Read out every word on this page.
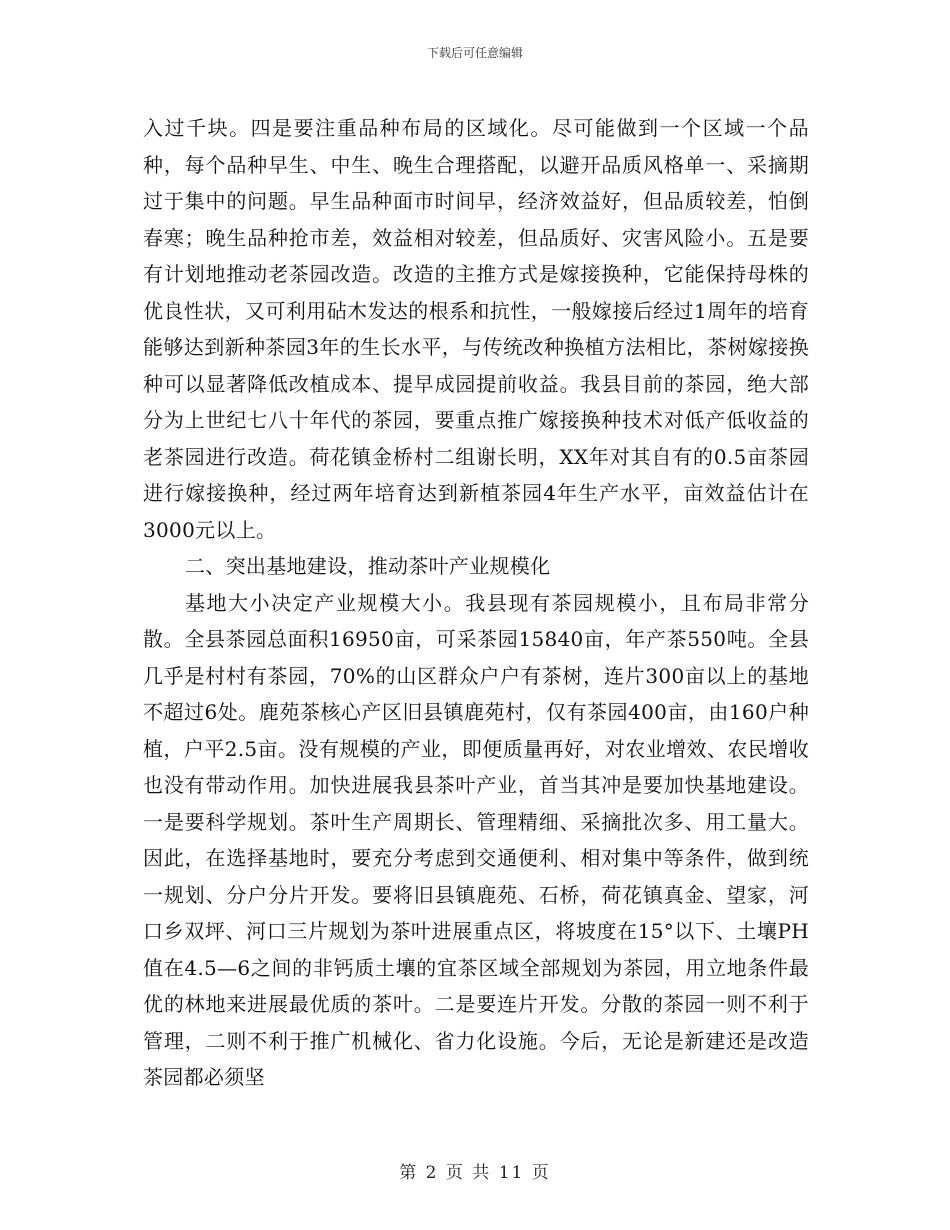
下载后可任意编辑

入过千块。四是要注重品种布局的区域化。尽可能做到一个区域一个品种，每个品种早生、中生、晚生合理搭配，以避开品质风格单一、采摘期过于集中的问题。早生品种面市时间早，经济效益好，但品质较差，怕倒春寒；晚生品种抢市差，效益相对较差，但品质好、灾害风险小。五是要有计划地推动老茶园改造。改造的主推方式是嫁接换种，它能保持母株的优良性状，又可利用砧木发达的根系和抗性，一般嫁接后经过1周年的培育能够达到新种茶园3年的生长水平，与传统改种换植方法相比，茶树嫁接换种可以显著降低改植成本、提早成园提前收益。我县目前的茶园，绝大部分为上世纪七八十年代的茶园，要重点推广嫁接换种技术对低产低收益的老茶园进行改造。荷花镇金桥村二组谢长明，XX年对其自有的0.5亩茶园进行嫁接换种，经过两年培育达到新植茶园4年生产水平，亩效益估计在3000元以上。

二、突出基地建设，推动茶叶产业规模化

基地大小决定产业规模大小。我县现有茶园规模小，且布局非常分散。全县茶园总面积16950亩，可采茶园15840亩，年产茶550吨。全县几乎是村村有茶园，70%的山区群众户户有茶树，连片300亩以上的基地不超过6处。鹿苑茶核心产区旧县镇鹿苑村，仅有茶园400亩，由160户种植，户平2.5亩。没有规模的产业，即便质量再好，对农业增效、农民增收也没有带动作用。加快进展我县茶叶产业，首当其冲是要加快基地建设。一是要科学规划。茶叶生产周期长、管理精细、采摘批次多、用工量大。因此，在选择基地时，要充分考虑到交通便利、相对集中等条件，做到统一规划、分户分片开发。要将旧县镇鹿苑、石桥，荷花镇真金、望家，河口乡双坪、河口三片规划为茶叶进展重点区，将坡度在15°以下、土壤PH值在4.5—6之间的非钙质土壤的宜茶区域全部规划为茶园，用立地条件最优的林地来进展最优质的茶叶。二是要连片开发。分散的茶园一则不利于管理，二则不利于推广机械化、省力化设施。今后，无论是新建还是改造茶园都必须坚

第 2 页 共 11 页
